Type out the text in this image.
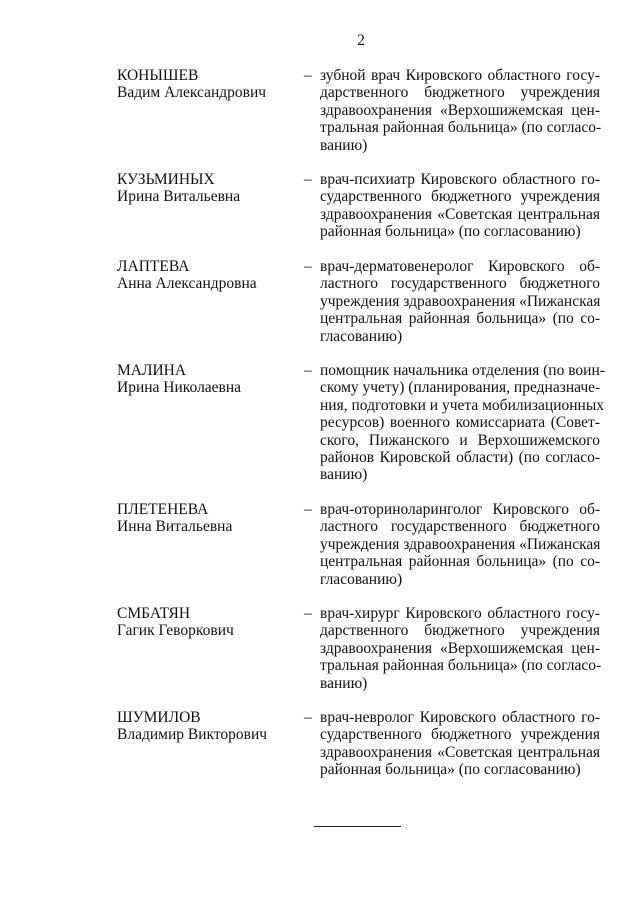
2
КОНЫШЕВ
Вадим Александрович
– зубной врач Кировского областного госу-
дарственного бюджетного учреждения
здравоохранения «Верхошижемская цен-
тральная районная больница» (по согласо-
ванию)
КУЗЬМИНЫХ
Ирина Витальевна
– врач-психиатр Кировского областного го-
сударственного бюджетного учреждения
здравоохранения «Советская центральная
районная больница» (по согласованию)
ЛАПТЕВА
Анна Александровна
– врач-дерматовенеролог Кировского об-
ластного государственного бюджетного
учреждения здравоохранения «Пижанская
центральная районная больница» (по со-
гласованию)
МАЛИНА
Ирина Николаевна
– помощник начальника отделения (по воин-
скому учету) (планирования, предназначе-
ния, подготовки и учета мобилизационных
ресурсов) военного комиссариата (Совет-
ского, Пижанского и Верхошижемского
районов Кировской области) (по согласо-
ванию)
ПЛЕТЕНЕВА
Инна Витальевна
– врач-оториноларинголог Кировского об-
ластного государственного бюджетного
учреждения здравоохранения «Пижанская
центральная районная больница» (по со-
гласованию)
СМБАТЯН
Гагик Геворкович
– врач-хирург Кировского областного госу-
дарственного бюджетного учреждения
здравоохранения «Верхошижемская цен-
тральная районная больница» (по согласо-
ванию)
ШУМИЛОВ
Владимир Викторович
– врач-невролог Кировского областного го-
сударственного бюджетного учреждения
здравоохранения «Советская центральная
районная больница» (по согласованию)
